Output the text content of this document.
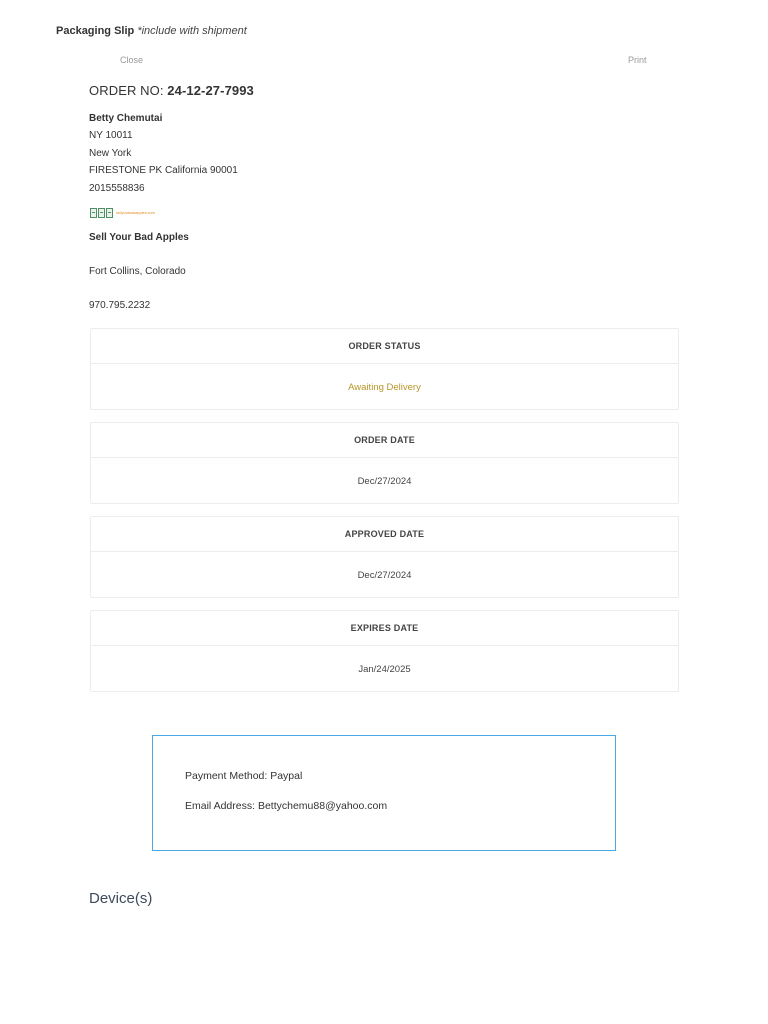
Packaging Slip *include with shipment
Close	Print
ORDER NO: 24-12-27-7993
Betty Chemutai
NY 10011
New York
FIRESTONE PK California 90001
2015558836
sellyourbadapples.com
Sell Your Bad Apples
Fort Collins, Colorado
970.795.2232
ORDER STATUS
Awaiting Delivery
ORDER DATE
Dec/27/2024
APPROVED DATE
Dec/27/2024
EXPIRES DATE
Jan/24/2025
Payment Method: Paypal
Email Address: Bettychemu88@yahoo.com
Device(s)
